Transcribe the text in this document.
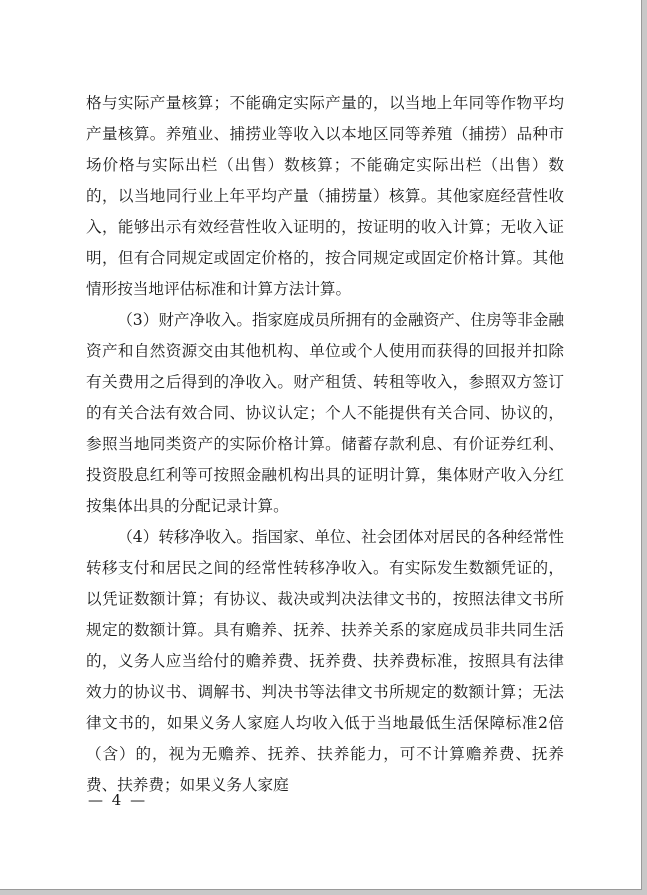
格与实际产量核算；不能确定实际产量的，以当地上年同等作物平均产量核算。养殖业、捕捞业等收入以本地区同等养殖（捕捞）品种市场价格与实际出栏（出售）数核算；不能确定实际出栏（出售）数的，以当地同行业上年平均产量（捕捞量）核算。其他家庭经营性收入，能够出示有效经营性收入证明的，按证明的收入计算；无收入证明，但有合同规定或固定价格的，按合同规定或固定价格计算。其他情形按当地评估标准和计算方法计算。

（3）财产净收入。指家庭成员所拥有的金融资产、住房等非金融资产和自然资源交由其他机构、单位或个人使用而获得的回报并扣除有关费用之后得到的净收入。财产租赁、转租等收入，参照双方签订的有关合法有效合同、协议认定；个人不能提供有关合同、协议的，参照当地同类资产的实际价格计算。储蓄存款利息、有价证券红利、投资股息红利等可按照金融机构出具的证明计算，集体财产收入分红按集体出具的分配记录计算。

（4）转移净收入。指国家、单位、社会团体对居民的各种经常性转移支付和居民之间的经常性转移净收入。有实际发生数额凭证的，以凭证数额计算；有协议、裁决或判决法律文书的，按照法律文书所规定的数额计算。具有赡养、抚养、扶养关系的家庭成员非共同生活的，义务人应当给付的赡养费、抚养费、扶养费标准，按照具有法律效力的协议书、调解书、判决书等法律文书所规定的数额计算；无法律文书的，如果义务人家庭人均收入低于当地最低生活保障标准2倍（含）的，视为无赡养、抚养、扶养能力，可不计算赡养费、抚养费、扶养费；如果义务人家庭

— 4 —
